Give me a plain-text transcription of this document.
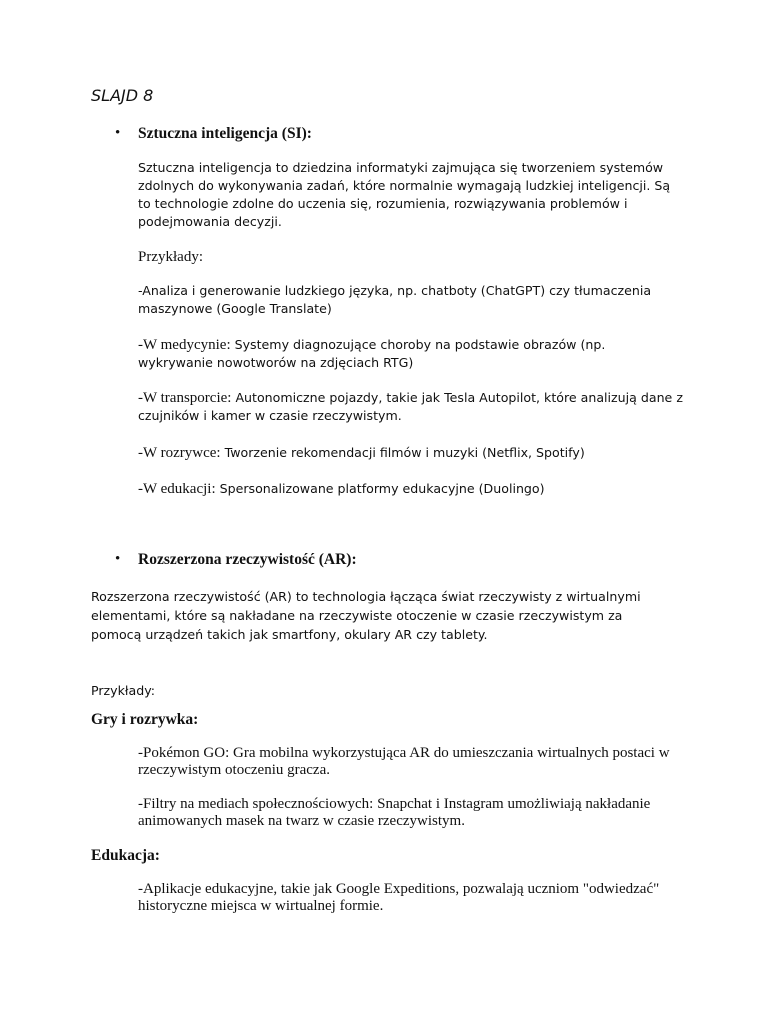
SLAJD 8

• Sztuczna inteligencja (SI):

Sztuczna inteligencja to dziedzina informatyki zajmująca się tworzeniem systemów zdolnych do wykonywania zadań, które normalnie wymagają ludzkiej inteligencji. Są to technologie zdolne do uczenia się, rozumienia, rozwiązywania problemów i podejmowania decyzji.

Przykłady:

-Analiza i generowanie ludzkiego języka, np. chatboty (ChatGPT) czy tłumaczenia maszynowe (Google Translate)

-W medycynie: Systemy diagnozujące choroby na podstawie obrazów (np. wykrywanie nowotworów na zdjęciach RTG)

-W transporcie: Autonomiczne pojazdy, takie jak Tesla Autopilot, które analizują dane z czujników i kamer w czasie rzeczywistym.

-W rozrywce: Tworzenie rekomendacji filmów i muzyki (Netflix, Spotify)

-W edukacji: Spersonalizowane platformy edukacyjne (Duolingo)

• Rozszerzona rzeczywistość (AR):

Rozszerzona rzeczywistość (AR) to technologia łącząca świat rzeczywisty z wirtualnymi elementami, które są nakładane na rzeczywiste otoczenie w czasie rzeczywistym za pomocą urządzeń takich jak smartfony, okulary AR czy tablety.

Przykłady:

Gry i rozrywka:

-Pokémon GO: Gra mobilna wykorzystująca AR do umieszczania wirtualnych postaci w rzeczywistym otoczeniu gracza.

-Filtry na mediach społecznościowych: Snapchat i Instagram umożliwiają nakładanie animowanych masek na twarz w czasie rzeczywistym.

Edukacja:

-Aplikacje edukacyjne, takie jak Google Expeditions, pozwalają uczniom "odwiedzać" historyczne miejsca w wirtualnej formie.
